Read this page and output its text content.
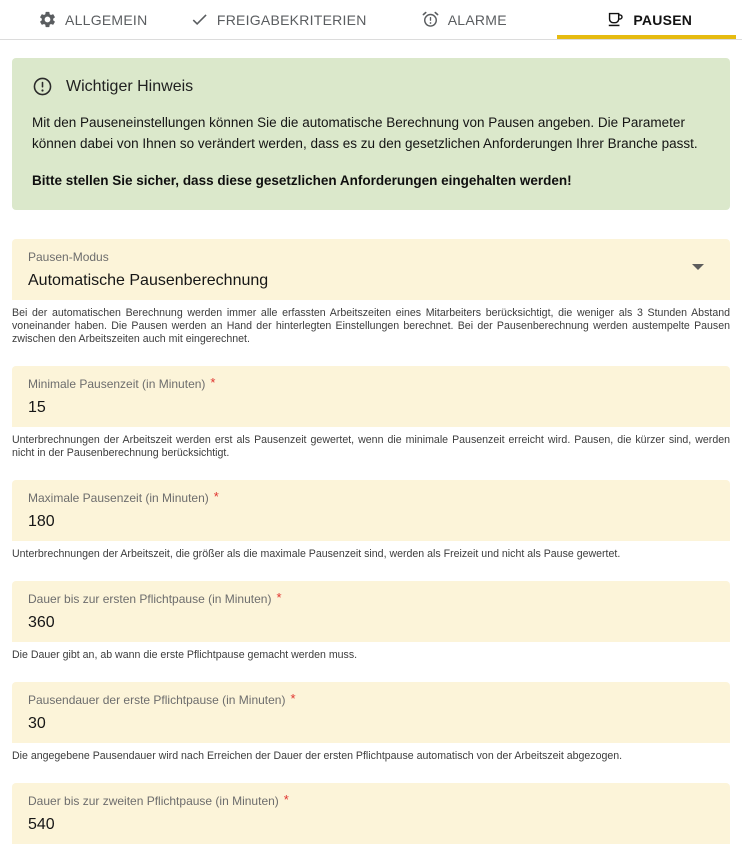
ALLGEMEIN	FREIGABEKRITERIEN	ALARME	PAUSEN
Wichtiger Hinweis

Mit den Pauseneinstellungen können Sie die automatische Berechnung von Pausen angeben. Die Parameter können dabei von Ihnen so verändert werden, dass es zu den gesetzlichen Anforderungen Ihrer Branche passt.

Bitte stellen Sie sicher, dass diese gesetzlichen Anforderungen eingehalten werden!

Pausen-Modus
Automatische Pausenberechnung

Bei der automatischen Berechnung werden immer alle erfassten Arbeitszeiten eines Mitarbeiters berücksichtigt, die weniger als 3 Stunden Abstand voneinander haben. Die Pausen werden an Hand der hinterlegten Einstellungen berechnet. Bei der Pausenberechnung werden austempelte Pausen zwischen den Arbeitszeiten auch mit eingerechnet.

Minimale Pausenzeit (in Minuten) *
15

Unterbrechnungen der Arbeitszeit werden erst als Pausenzeit gewertet, wenn die minimale Pausenzeit erreicht wird. Pausen, die kürzer sind, werden nicht in der Pausenberechnung berücksichtigt.

Maximale Pausenzeit (in Minuten) *
180

Unterbrechnungen der Arbeitszeit, die größer als die maximale Pausenzeit sind, werden als Freizeit und nicht als Pause gewertet.

Dauer bis zur ersten Pflichtpause (in Minuten) *
360

Die Dauer gibt an, ab wann die erste Pflichtpause gemacht werden muss.

Pausendauer der erste Pflichtpause (in Minuten) *
30

Die angegebene Pausendauer wird nach Erreichen der Dauer der ersten Pflichtpause automatisch von der Arbeitszeit abgezogen.

Dauer bis zur zweiten Pflichtpause (in Minuten) *
540
